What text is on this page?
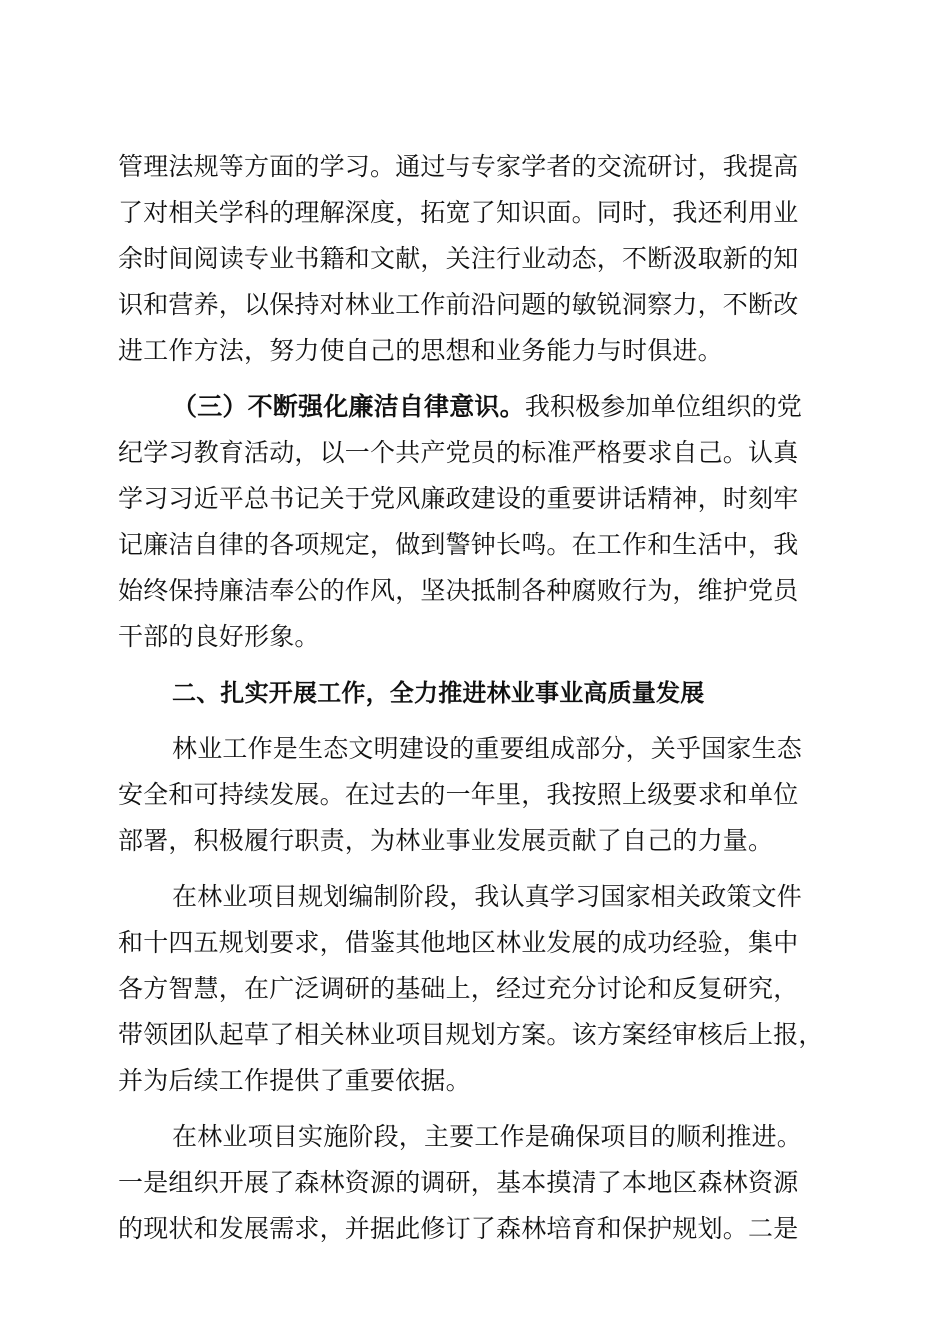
管理法规等方面的学习。通过与专家学者的交流研讨，我提高
了对相关学科的理解深度，拓宽了知识面。同时，我还利用业
余时间阅读专业书籍和文献，关注行业动态，不断汲取新的知
识和营养，以保持对林业工作前沿问题的敏锐洞察力，不断改
进工作方法，努力使自己的思想和业务能力与时俱进。
（三）不断强化廉洁自律意识。我积极参加单位组织的党
纪学习教育活动，以一个共产党员的标准严格要求自己。认真
学习习近平总书记关于党风廉政建设的重要讲话精神，时刻牢
记廉洁自律的各项规定，做到警钟长鸣。在工作和生活中，我
始终保持廉洁奉公的作风，坚决抵制各种腐败行为，维护党员
干部的良好形象。
二、扎实开展工作，全力推进林业事业高质量发展
林业工作是生态文明建设的重要组成部分，关乎国家生态
安全和可持续发展。在过去的一年里，我按照上级要求和单位
部署，积极履行职责，为林业事业发展贡献了自己的力量。
在林业项目规划编制阶段，我认真学习国家相关政策文件
和十四五规划要求，借鉴其他地区林业发展的成功经验，集中
各方智慧，在广泛调研的基础上，经过充分讨论和反复研究，
带领团队起草了相关林业项目规划方案。该方案经审核后上报，
并为后续工作提供了重要依据。
在林业项目实施阶段，主要工作是确保项目的顺利推进。
一是组织开展了森林资源的调研，基本摸清了本地区森林资源
的现状和发展需求，并据此修订了森林培育和保护规划。二是
